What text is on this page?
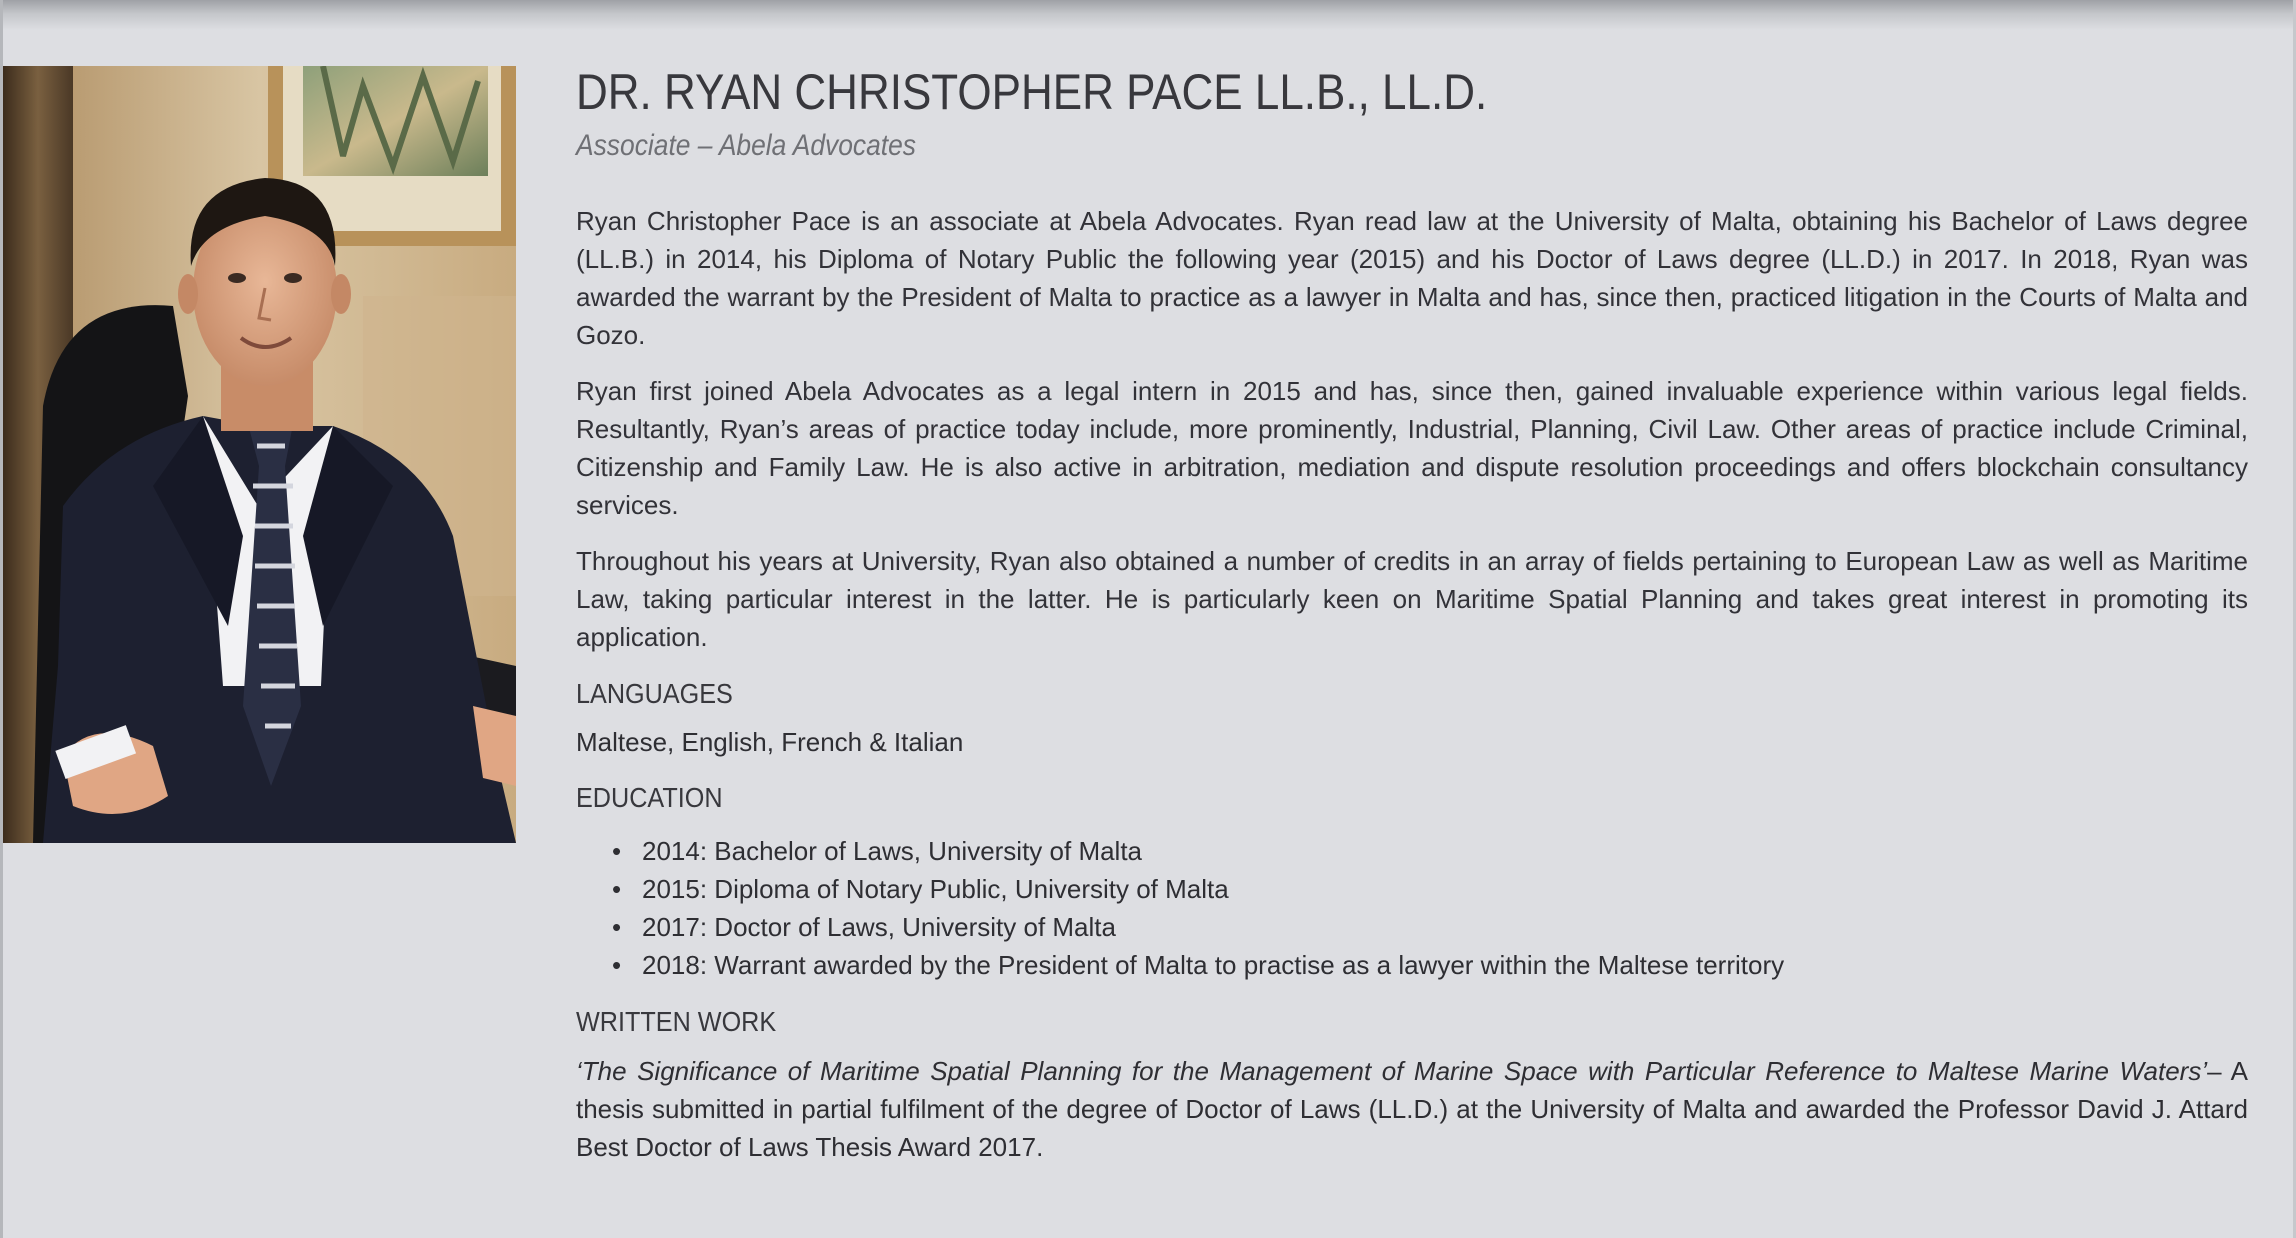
DR. RYAN CHRISTOPHER PACE LL.B., LL.D.
Associate – Abela Advocates

Ryan Christopher Pace is an associate at Abela Advocates. Ryan read law at the University of Malta, obtaining his Bachelor of Laws degree (LL.B.) in 2014, his Diploma of Notary Public the following year (2015) and his Doctor of Laws degree (LL.D.) in 2017. In 2018, Ryan was awarded the warrant by the President of Malta to practice as a lawyer in Malta and has, since then, practiced litigation in the Courts of Malta and Gozo.

Ryan first joined Abela Advocates as a legal intern in 2015 and has, since then, gained invaluable experience within various legal fields. Resultantly, Ryan’s areas of practice today include, more prominently, Industrial, Planning, Civil Law. Other areas of practice include Criminal, Citizenship and Family Law. He is also active in arbitration, mediation and dispute resolution proceedings and offers blockchain consultancy services.

Throughout his years at University, Ryan also obtained a number of credits in an array of fields pertaining to European Law as well as Maritime Law, taking particular interest in the latter. He is particularly keen on Maritime Spatial Planning and takes great interest in promoting its application.

LANGUAGES
Maltese, English, French & Italian
EDUCATION
• 2014: Bachelor of Laws, University of Malta
• 2015: Diploma of Notary Public, University of Malta
• 2017: Doctor of Laws, University of Malta
• 2018: Warrant awarded by the President of Malta to practise as a lawyer within the Maltese territory
WRITTEN WORK

‘The Significance of Maritime Spatial Planning for the Management of Marine Space with Particular Reference to Maltese Marine Waters’– A thesis submitted in partial fulfilment of the degree of Doctor of Laws (LL.D.) at the University of Malta and awarded the Professor David J. Attard Best Doctor of Laws Thesis Award 2017.
